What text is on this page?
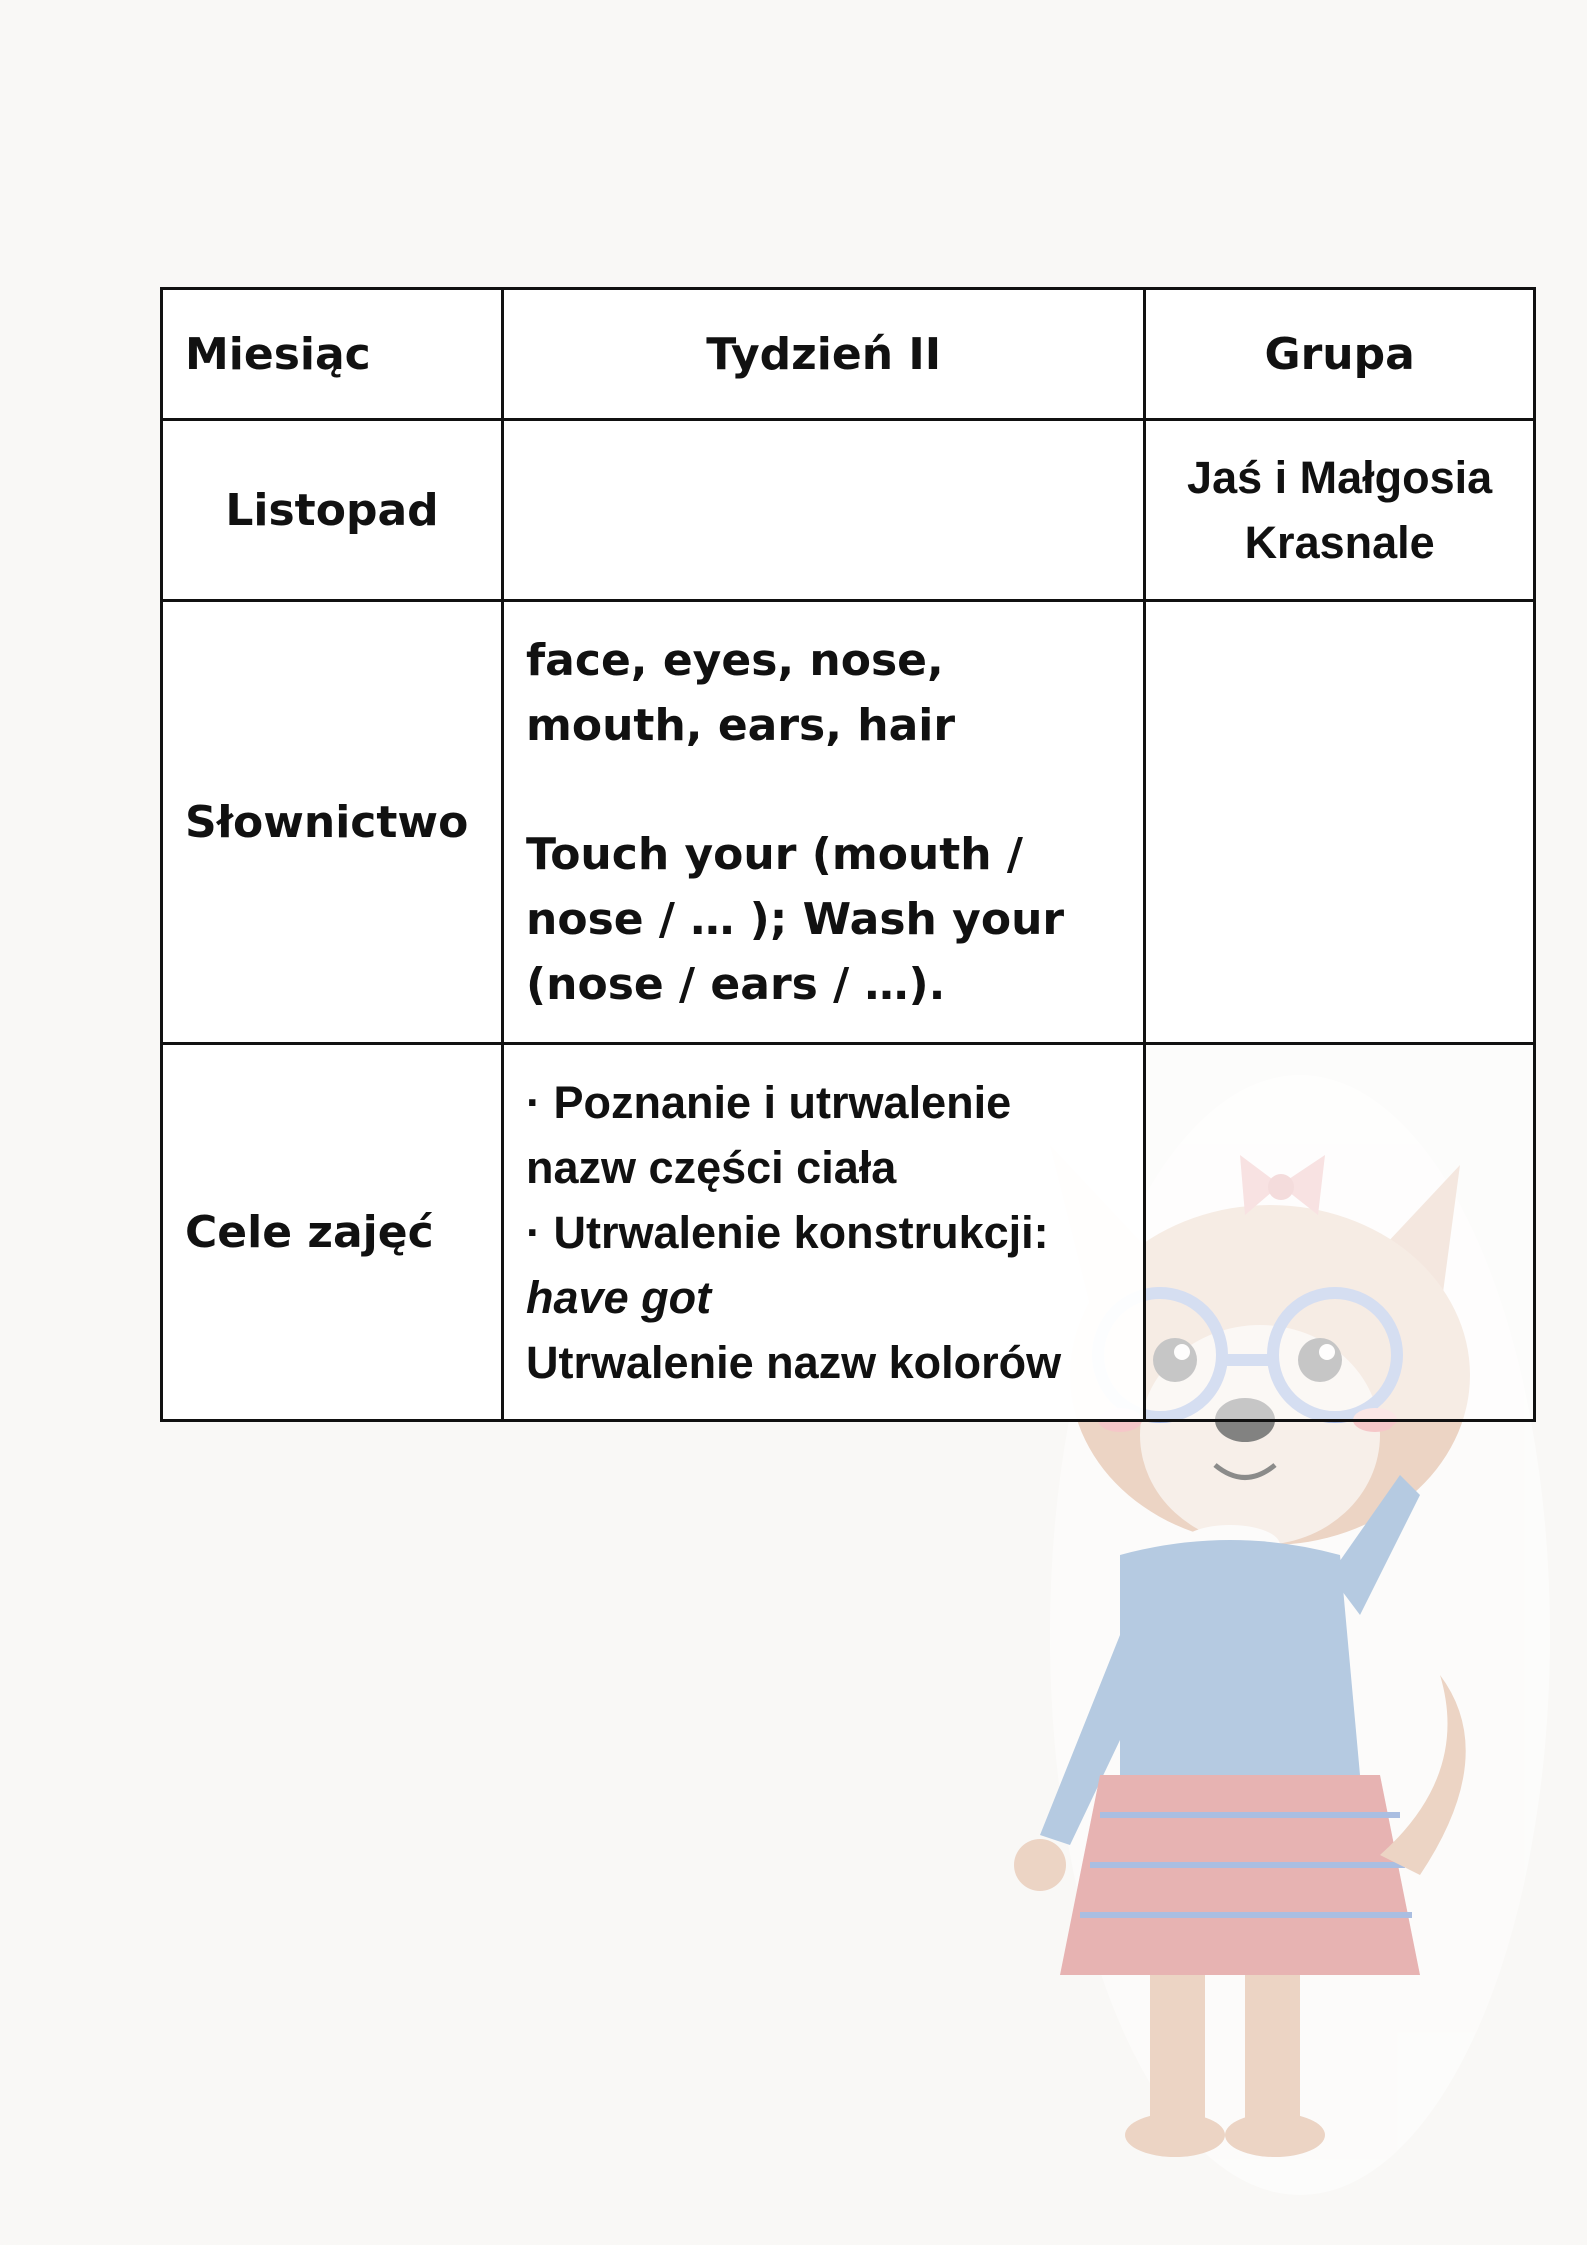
Miesiąc	Tydzień II	Grupa
Listopad		Jaś i Małgosia
Krasnale

Słownictwo	face, eyes, nose, mouth, ears, hair
Touch your (mouth / nose / … ); Wash your (nose / ears / …).	

Cele zajęć	· Poznanie i utrwalenie nazw części ciała
· Utrwalenie konstrukcji:
have got
Utrwalenie nazw kolorów	
